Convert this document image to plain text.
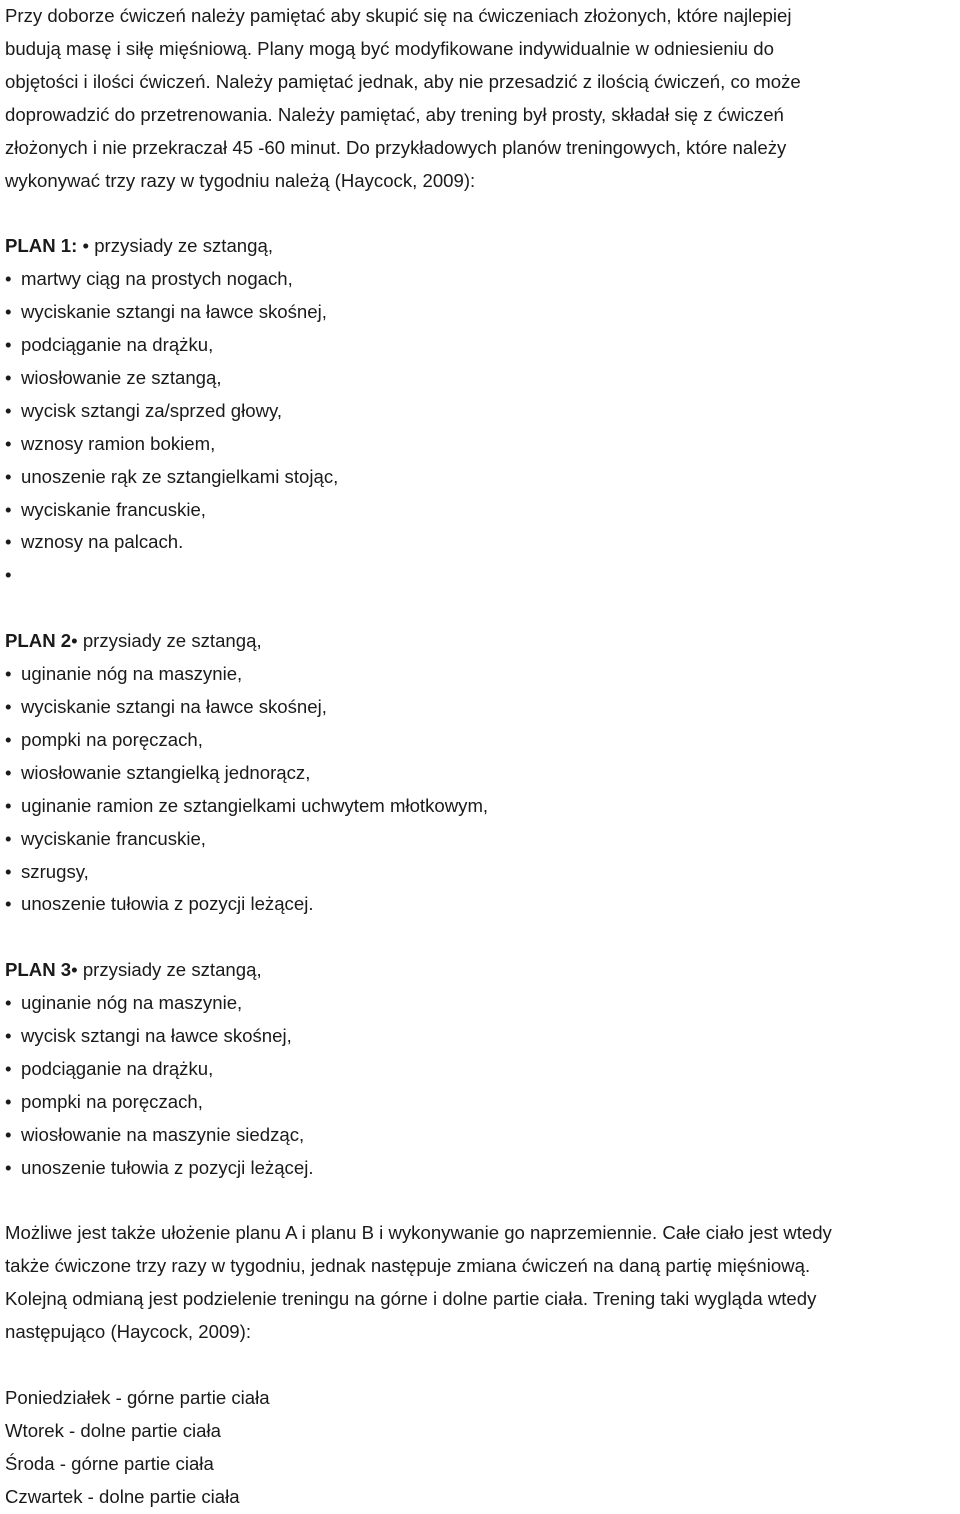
Przy doborze ćwiczeń należy pamiętać aby skupić się na ćwiczeniach złożonych, które najlepiej
budują masę i siłę mięśniową. Plany mogą być modyfikowane indywidualnie w odniesieniu do
objętości i ilości ćwiczeń. Należy pamiętać jednak, aby nie przesadzić z ilością ćwiczeń, co może
doprowadzić do przetrenowania. Należy pamiętać, aby trening był prosty, składał się z ćwiczeń
złożonych i nie przekraczał 45 -60 minut. Do przykładowych planów treningowych, które należy
wykonywać trzy razy w tygodniu należą (Haycock, 2009):
PLAN 1: • przysiady ze sztangą,
• martwy ciąg na prostych nogach,
• wyciskanie sztangi na ławce skośnej,
• podciąganie na drążku,
• wiosłowanie ze sztangą,
• wycisk sztangi za/sprzed głowy,
• wznosy ramion bokiem,
• unoszenie rąk ze sztangielkami stojąc,
• wyciskanie francuskie,
• wznosy na palcach.
•
PLAN 2• przysiady ze sztangą,
• uginanie nóg na maszynie,
• wyciskanie sztangi na ławce skośnej,
• pompki na poręczach,
• wiosłowanie sztangielką jednorącz,
• uginanie ramion ze sztangielkami uchwytem młotkowym,
• wyciskanie francuskie,
• szrugsy,
• unoszenie tułowia z pozycji leżącej.
PLAN 3• przysiady ze sztangą,
• uginanie nóg na maszynie,
• wycisk sztangi na ławce skośnej,
• podciąganie na drążku,
• pompki na poręczach,
• wiosłowanie na maszynie siedząc,
• unoszenie tułowia z pozycji leżącej.
Możliwe jest także ułożenie planu A i planu B i wykonywanie go naprzemiennie. Całe ciało jest wtedy
także ćwiczone trzy razy w tygodniu, jednak następuje zmiana ćwiczeń na daną partię mięśniową.
Kolejną odmianą jest podzielenie treningu na górne i dolne partie ciała. Trening taki wygląda wtedy
następująco (Haycock, 2009):
Poniedziałek - górne partie ciała
Wtorek - dolne partie ciała
Środa - górne partie ciała
Czwartek - dolne partie ciała
